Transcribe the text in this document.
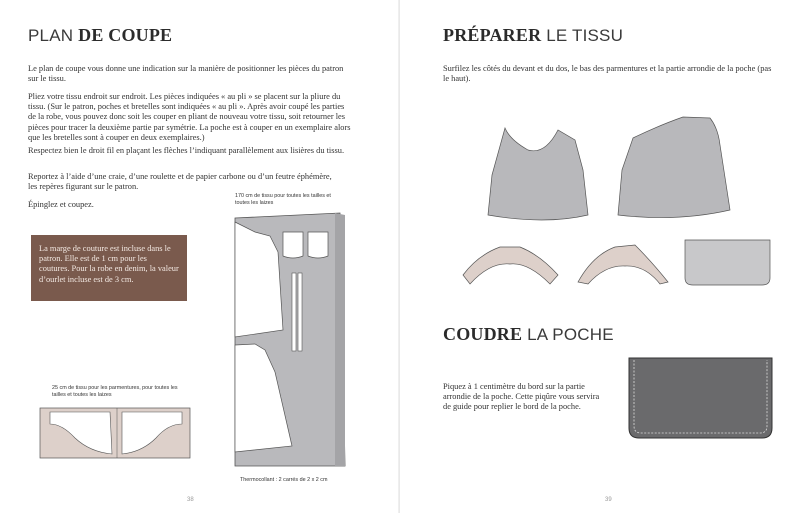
PLAN DE COUPE
Le plan de coupe vous donne une indication sur la manière de positionner les pièces du patron sur le tissu.
Pliez votre tissu endroit sur endroit. Les pièces indiquées « au pli » se placent sur la pliure du tissu. (Sur le patron, poches et bretelles sont indiquées « au pli ». Après avoir coupé les parties de la robe, vous pouvez donc soit les couper en pliant de nouveau votre tissu, soit retourner les pièces pour tracer la deuxième partie par symétrie. La poche est à couper en un exemplaire alors que les bretelles sont à couper en deux exemplaires.)
Respectez bien le droit fil en plaçant les flèches l’indiquant parallèlement aux lisières du tissu.
Reportez à l’aide d’une craie, d’une roulette et de papier carbone ou d’un feutre éphémère, les repères figurant sur le patron.
Épinglez et coupez.
La marge de couture est incluse dans le patron. Elle est de 1 cm pour les coutures. Pour la robe en denim, la valeur d’ourlet incluse est de 3 cm.
170 cm de tissu pour toutes les tailles et toutes les laizes
25 cm de tissu pour les parmentures, pour toutes les tailles et toutes les laizes
Thermocollant : 2 carrés de 2 x 2 cm
38
PRÉPARER LE TISSU
Surfilez les côtés du devant et du dos, le bas des parmentures et la partie arrondie de la poche (pas le haut).
COUDRE LA POCHE
Piquez à 1 centimètre du bord sur la partie arrondie de la poche. Cette piqûre vous servira de guide pour replier le bord de la poche.
39
